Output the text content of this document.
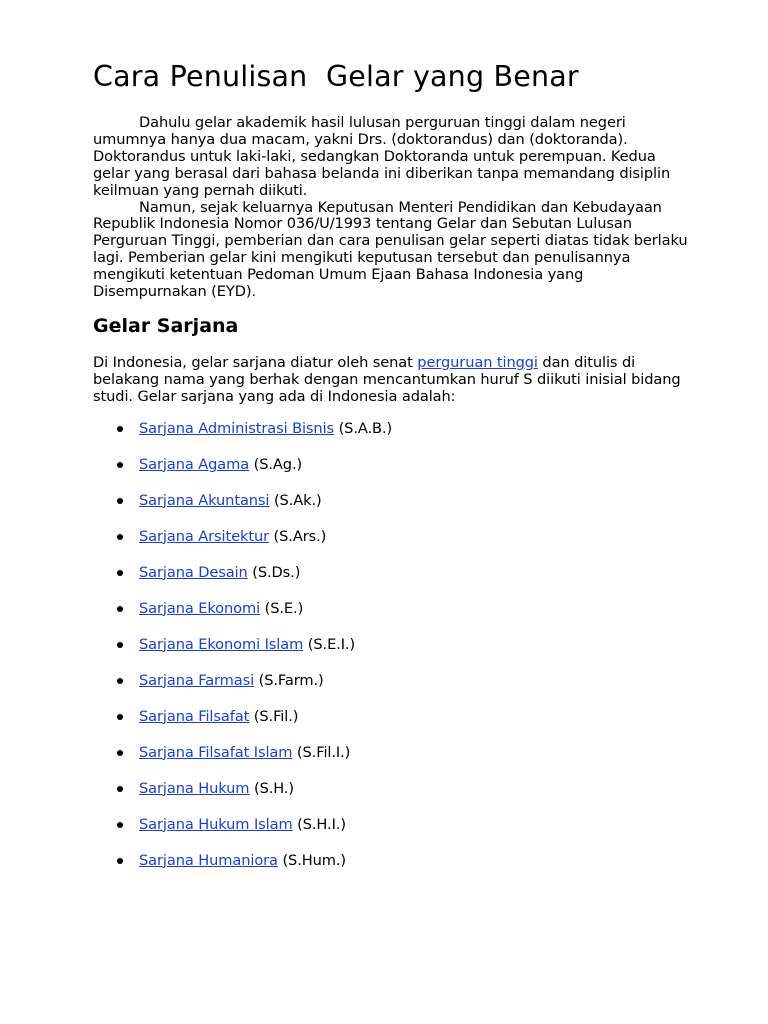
Cara Penulisan  Gelar yang Benar

Dahulu gelar akademik hasil lulusan perguruan tinggi dalam negeri umumnya hanya dua macam, yakni Drs. (doktorandus) dan (doktoranda). Doktorandus untuk laki-laki, sedangkan Doktoranda untuk perempuan. Kedua gelar yang berasal dari bahasa belanda ini diberikan tanpa memandang disiplin keilmuan yang pernah diikuti.

Namun, sejak keluarnya Keputusan Menteri Pendidikan dan Kebudayaan Republik Indonesia Nomor 036/U/1993 tentang Gelar dan Sebutan Lulusan Perguruan Tinggi, pemberian dan cara penulisan gelar seperti diatas tidak berlaku lagi. Pemberian gelar kini mengikuti keputusan tersebut dan penulisannya mengikuti ketentuan Pedoman Umum Ejaan Bahasa Indonesia yang Disempurnakan (EYD).

Gelar Sarjana

Di Indonesia, gelar sarjana diatur oleh senat perguruan tinggi dan ditulis di belakang nama yang berhak dengan mencantumkan huruf S diikuti inisial bidang studi. Gelar sarjana yang ada di Indonesia adalah:

Sarjana Administrasi Bisnis (S.A.B.)
Sarjana Agama (S.Ag.)
Sarjana Akuntansi (S.Ak.)
Sarjana Arsitektur (S.Ars.)
Sarjana Desain (S.Ds.)
Sarjana Ekonomi (S.E.)
Sarjana Ekonomi Islam (S.E.I.)
Sarjana Farmasi (S.Farm.)
Sarjana Filsafat (S.Fil.)
Sarjana Filsafat Islam (S.Fil.I.)
Sarjana Hukum (S.H.)
Sarjana Hukum Islam (S.H.I.)
Sarjana Humaniora (S.Hum.)
